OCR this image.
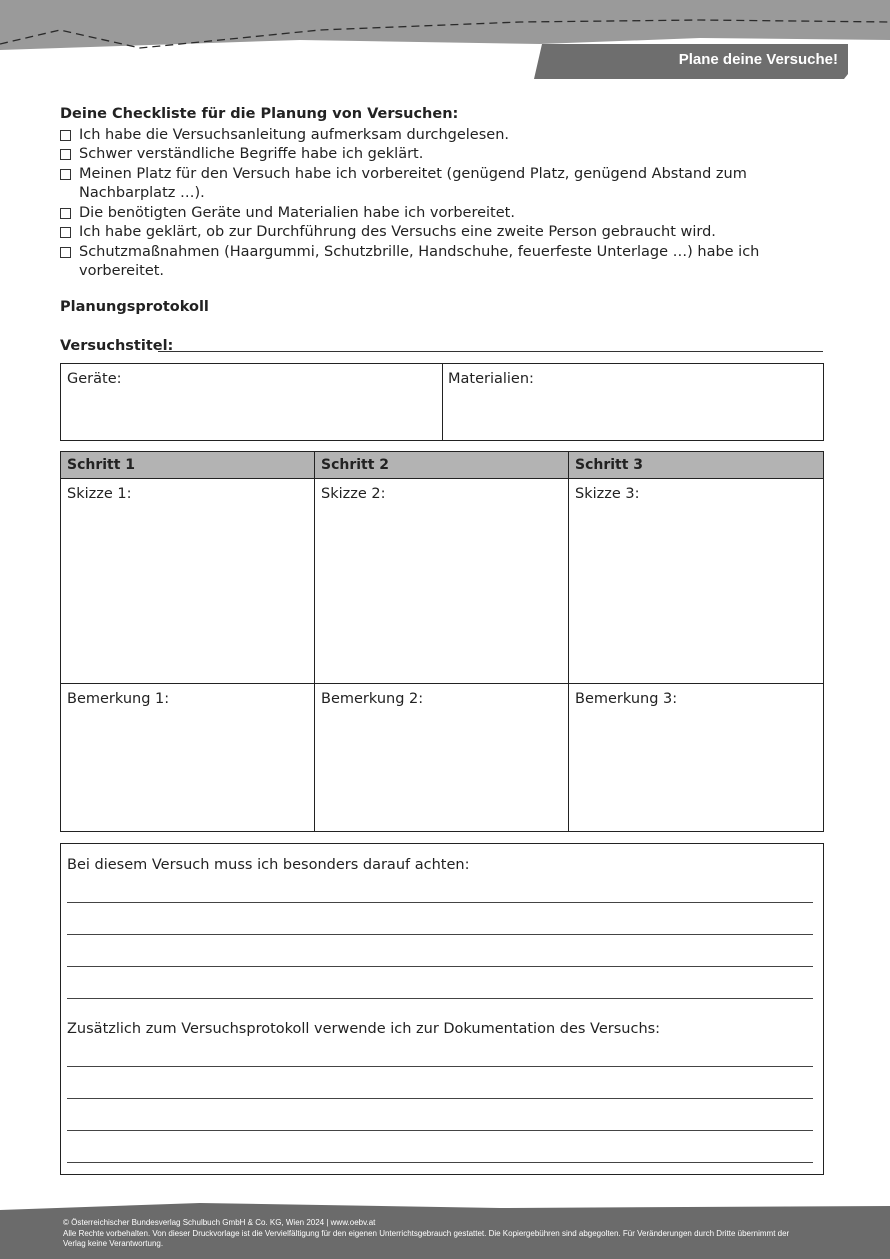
Plane deine Versuche!
Deine Checkliste für die Planung von Versuchen:
Ich habe die Versuchsanleitung aufmerksam durchgelesen.
Schwer verständliche Begriffe habe ich geklärt.
Meinen Platz für den Versuch habe ich vorbereitet (genügend Platz, genügend Abstand zum
Nachbarplatz …).
Die benötigten Geräte und Materialien habe ich vorbereitet.
Ich habe geklärt, ob zur Durchführung des Versuchs eine zweite Person gebraucht wird.
Schutzmaßnahmen (Haargummi, Schutzbrille, Handschuhe, feuerfeste Unterlage …) habe ich vorbereitet.
Planungsprotokoll
Versuchstitel:
Geräte:	Materialien:
Schritt 1	Schritt 2	Schritt 3
Skizze 1:	Skizze 2:	Skizze 3:
Bemerkung 1:	Bemerkung 2:	Bemerkung 3:
Bei diesem Versuch muss ich besonders darauf achten:
Zusätzlich zum Versuchsprotokoll verwende ich zur Dokumentation des Versuchs:
© Österreichischer Bundesverlag Schulbuch GmbH & Co. KG, Wien 2024 | www.oebv.at
Alle Rechte vorbehalten. Von dieser Druckvorlage ist die Vervielfältigung für den eigenen Unterrichtsgebrauch gestattet. Die Kopiergebühren sind abgegolten. Für Veränderungen durch Dritte übernimmt der
Verlag keine Verantwortung.
